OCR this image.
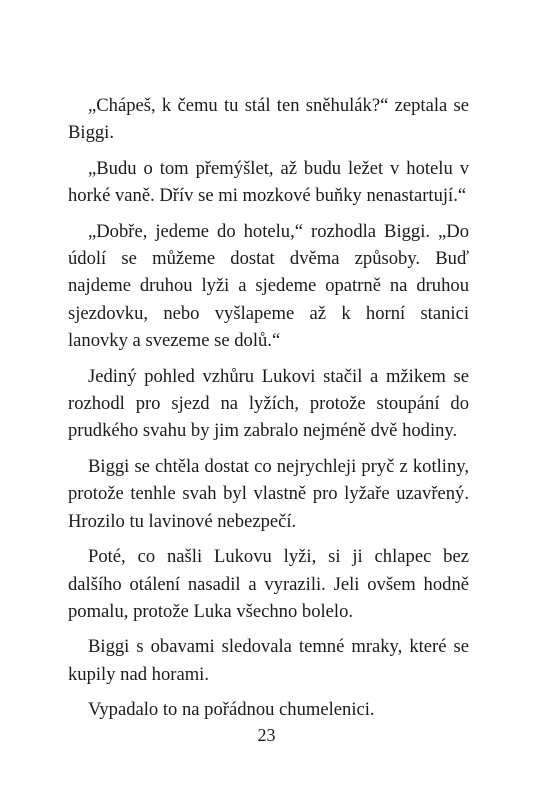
„Chápeš, k čemu tu stál ten sněhulák?“ zeptala se Biggi.

„Budu o tom přemýšlet, až budu ležet v hotelu v horké vaně. Dřív se mi mozkové buňky nenastartují.“

„Dobře, jedeme do hotelu,“ rozhodla Biggi. „Do údolí se můžeme dostat dvěma způsoby. Buď najdeme druhou lyži a sjedeme opatrně na druhou sjezdovku, nebo vyšlapeme až k horní stanici lanovky a svezeme se dolů.“

Jediný pohled vzhůru Lukovi stačil a mžikem se rozhodl pro sjezd na lyžích, protože stoupání do prudkého svahu by jim zabralo nejméně dvě hodiny.

Biggi se chtěla dostat co nejrychleji pryč z kotliny, protože tenhle svah byl vlastně pro lyžaře uzavřený. Hrozilo tu lavinové nebezpečí.

Poté, co našli Lukovu lyži, si ji chlapec bez dalšího otálení nasadil a vyrazili. Jeli ovšem hodně pomalu, protože Luka všechno bolelo.

Biggi s obavami sledovala temné mraky, které se kupily nad horami.

Vypadalo to na pořádnou chumelenici.

23
